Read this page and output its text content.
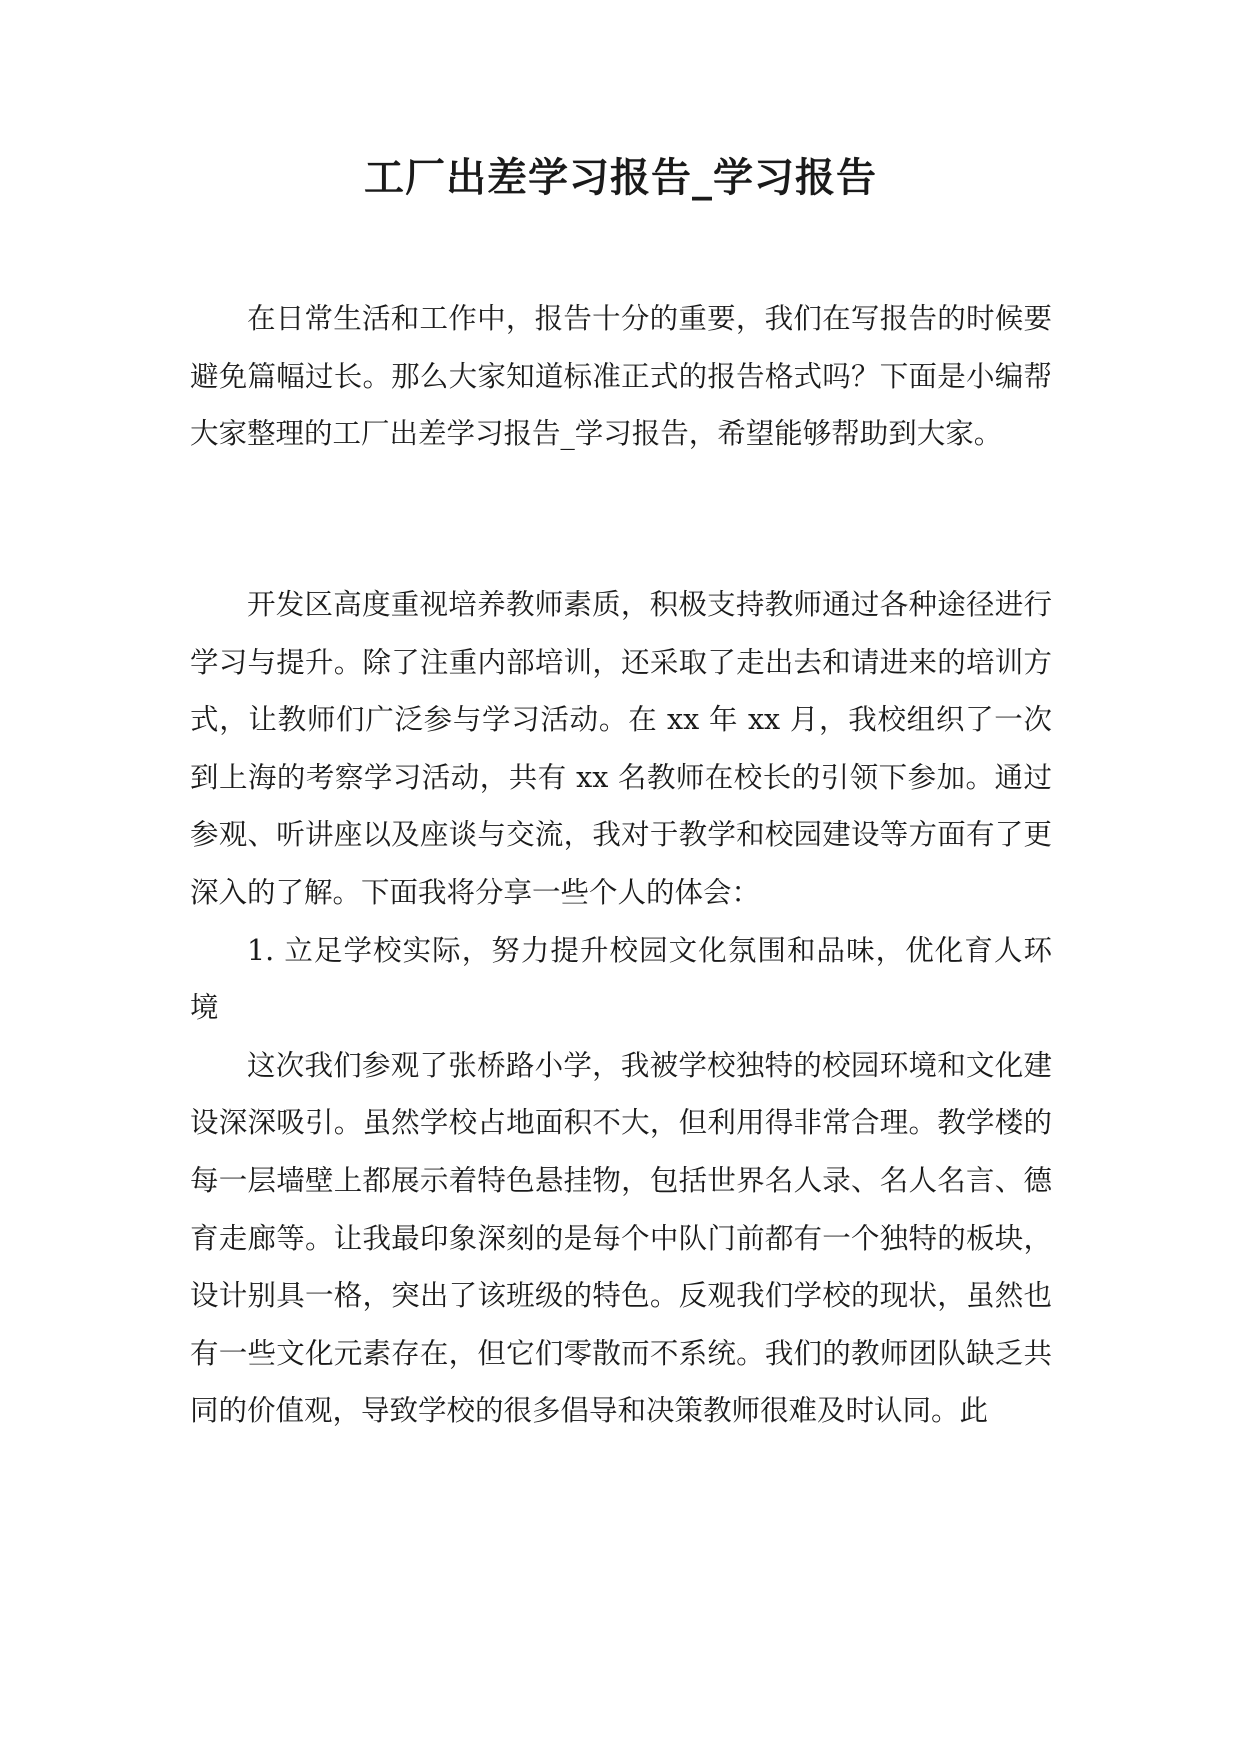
工厂出差学习报告_学习报告

在日常生活和工作中，报告十分的重要，我们在写报告的时候要避免篇幅过长。那么大家知道标准正式的报告格式吗？下面是小编帮大家整理的工厂出差学习报告_学习报告，希望能够帮助到大家。

开发区高度重视培养教师素质，积极支持教师通过各种途径进行学习与提升。除了注重内部培训，还采取了走出去和请进来的培训方式，让教师们广泛参与学习活动。在 xx 年 xx 月，我校组织了一次到上海的考察学习活动，共有 xx 名教师在校长的引领下参加。通过参观、听讲座以及座谈与交流，我对于教学和校园建设等方面有了更深入的了解。下面我将分享一些个人的体会：

1. 立足学校实际，努力提升校园文化氛围和品味，优化育人环境

这次我们参观了张桥路小学，我被学校独特的校园环境和文化建设深深吸引。虽然学校占地面积不大，但利用得非常合理。教学楼的每一层墙壁上都展示着特色悬挂物，包括世界名人录、名人名言、德育走廊等。让我最印象深刻的是每个中队门前都有一个独特的板块，设计别具一格，突出了该班级的特色。反观我们学校的现状，虽然也有一些文化元素存在，但它们零散而不系统。我们的教师团队缺乏共同的价值观，导致学校的很多倡导和决策教师很难及时认同。此
